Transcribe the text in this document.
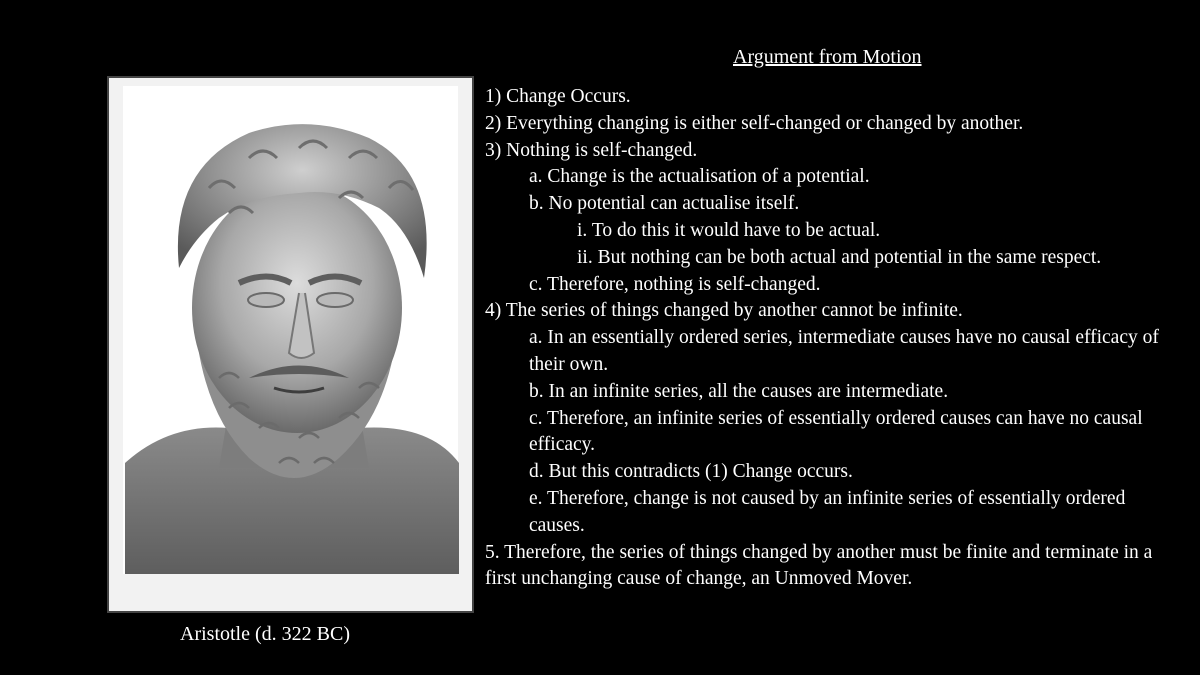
Argument from Motion
Aristotle (d. 322 BC)

1) Change Occurs.

2) Everything changing is either self-changed or changed by another.

3) Nothing is self-changed.

a. Change is the actualisation of a potential.

b. No potential can actualise itself.

i. To do this it would have to be actual.

ii. But nothing can be both actual and potential in the same respect.

c. Therefore, nothing is self-changed.

4) The series of things changed by another cannot be infinite.

a. In an essentially ordered series, intermediate causes have no causal efficacy of their own.

b. In an infinite series, all the causes are intermediate.

c. Therefore, an infinite series of essentially ordered causes can have no causal efficacy.

d. But this contradicts (1) Change occurs.

e. Therefore, change is not caused by an infinite series of essentially ordered causes.

5. Therefore, the series of things changed by another must be finite and terminate in a first unchanging cause of change, an Unmoved Mover.
